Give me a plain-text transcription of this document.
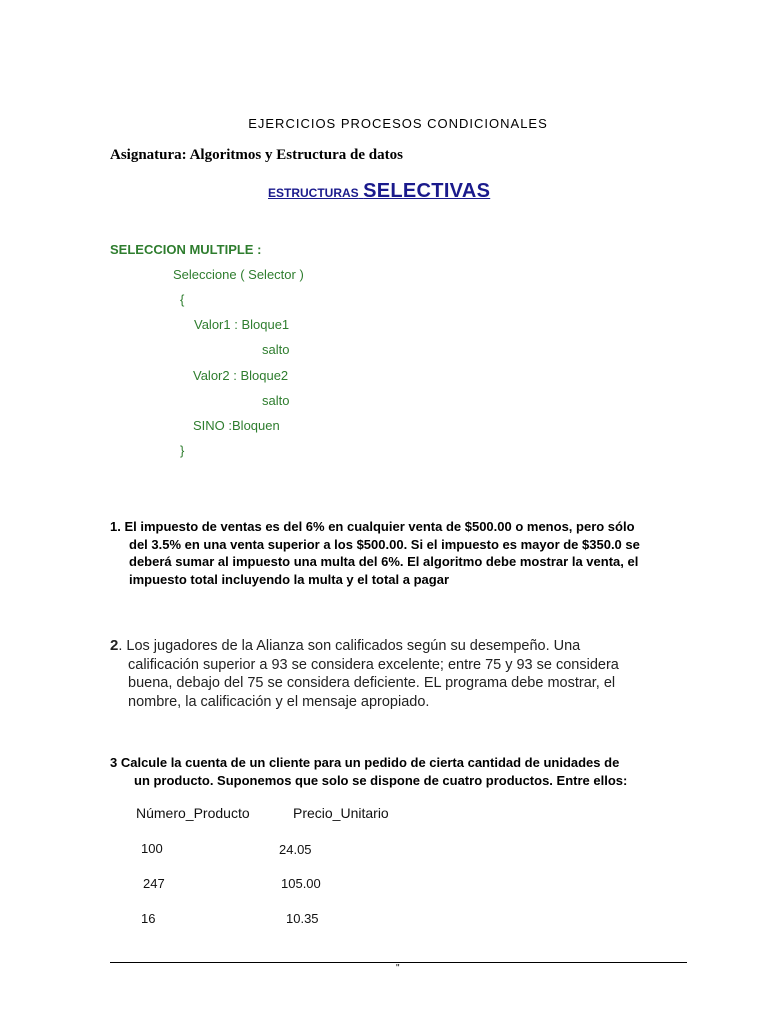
EJERCICIOS PROCESOS CONDICIONALES
Asignatura: Algoritmos y Estructura de datos
ESTRUCTURAS SELECTIVAS
SELECCION MULTIPLE :
Seleccione ( Selector )
{
Valor1 : Bloque1
salto
Valor2 : Bloque2
salto
SINO :Bloquen
}
1. El impuesto de ventas es del 6% en cualquier venta de $500.00 o menos, pero sólo
del 3.5% en una venta superior a los $500.00. Si el impuesto es mayor de $350.0 se
deberá sumar al impuesto una multa del 6%. El algoritmo debe mostrar la venta, el
impuesto total incluyendo la multa y el total a pagar
2. Los jugadores de la Alianza son calificados según su desempeño. Una
calificación superior a 93 se considera excelente; entre 75 y 93 se considera
buena, debajo del 75 se considera deficiente. EL programa debe mostrar, el
nombre, la calificación y el mensaje apropiado.
3 Calcule la cuenta de un cliente para un pedido de cierta cantidad de unidades de
un producto. Suponemos que solo se dispone de cuatro productos. Entre ellos:
Número_Producto	Precio_Unitario
100	24.05
247	105.00
16	10.35
"
